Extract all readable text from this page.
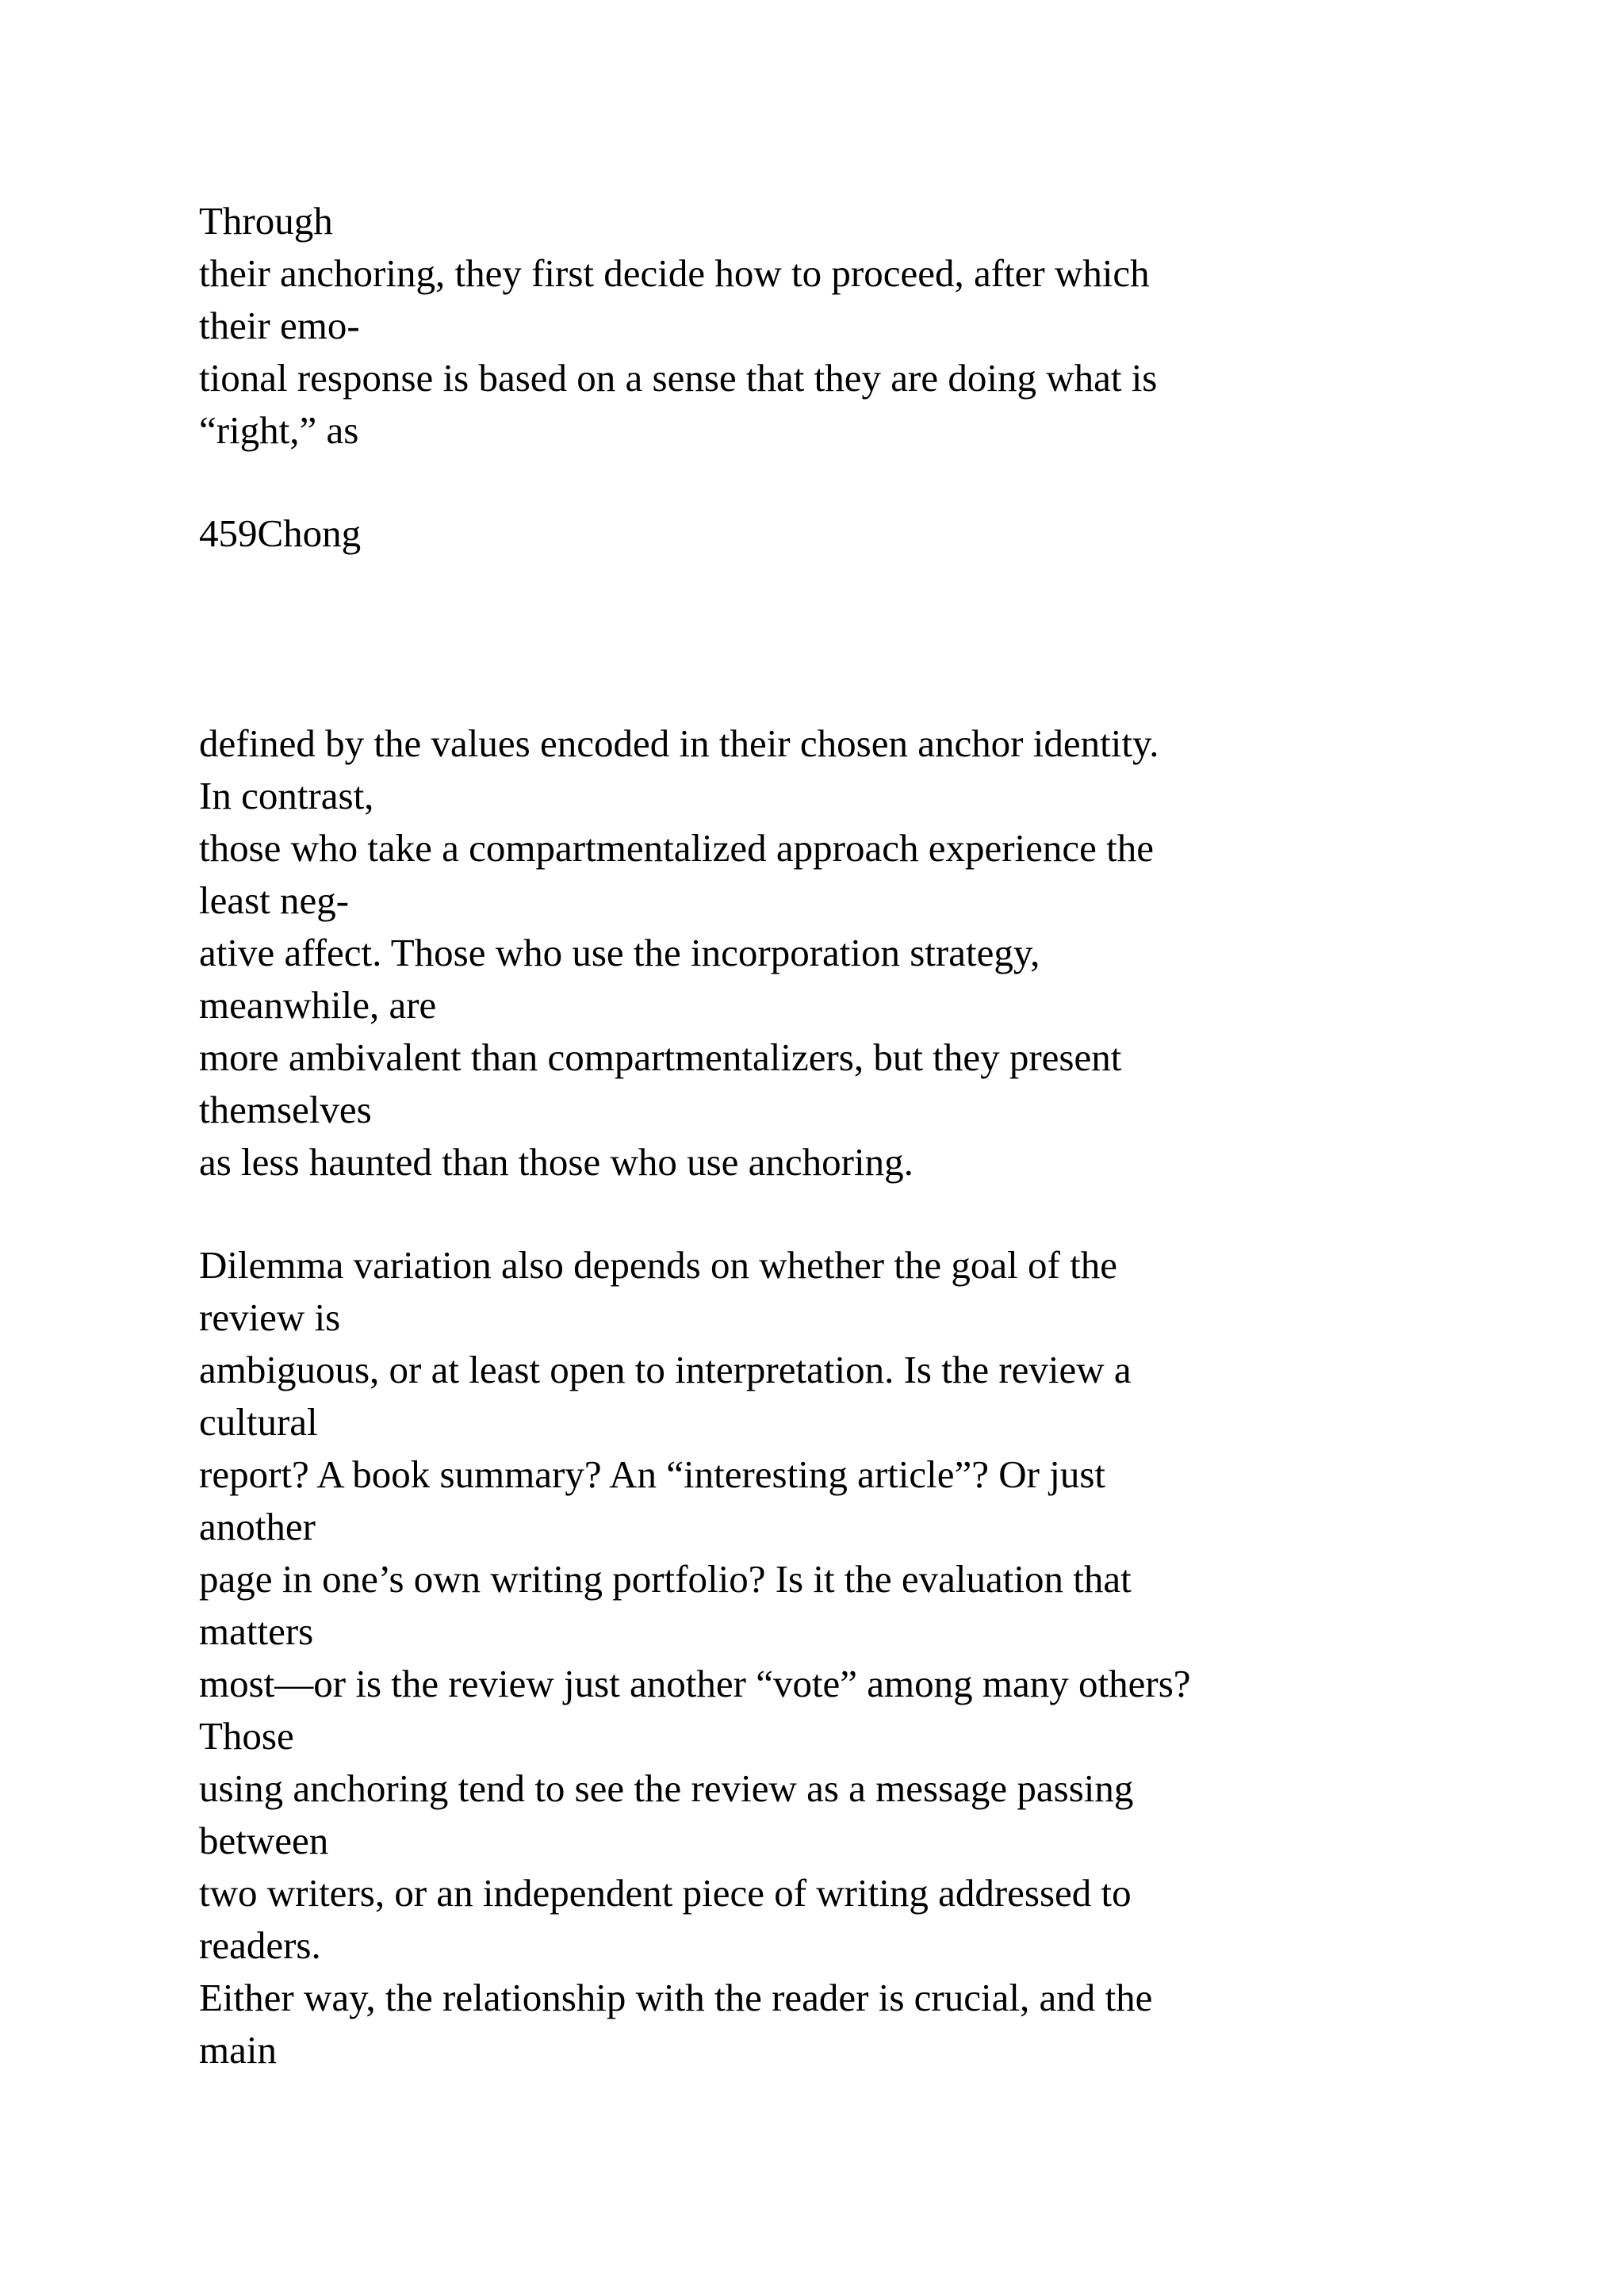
Through
their anchoring, they first decide how to proceed, after which
their emo-
tional response is based on a sense that they are doing what is
“right,” as

459Chong

defined by the values encoded in their chosen anchor identity.
In contrast,
those who take a compartmentalized approach experience the
least neg-
ative affect. Those who use the incorporation strategy,
meanwhile, are
more ambivalent than compartmentalizers, but they present
themselves
as less haunted than those who use anchoring.

Dilemma variation also depends on whether the goal of the
review is
ambiguous, or at least open to interpretation. Is the review a
cultural
report? A book summary? An “interesting article”? Or just
another
page in one’s own writing portfolio? Is it the evaluation that
matters
most—or is the review just another “vote” among many others?
Those
using anchoring tend to see the review as a message passing
between
two writers, or an independent piece of writing addressed to
readers.
Either way, the relationship with the reader is crucial, and the
main
